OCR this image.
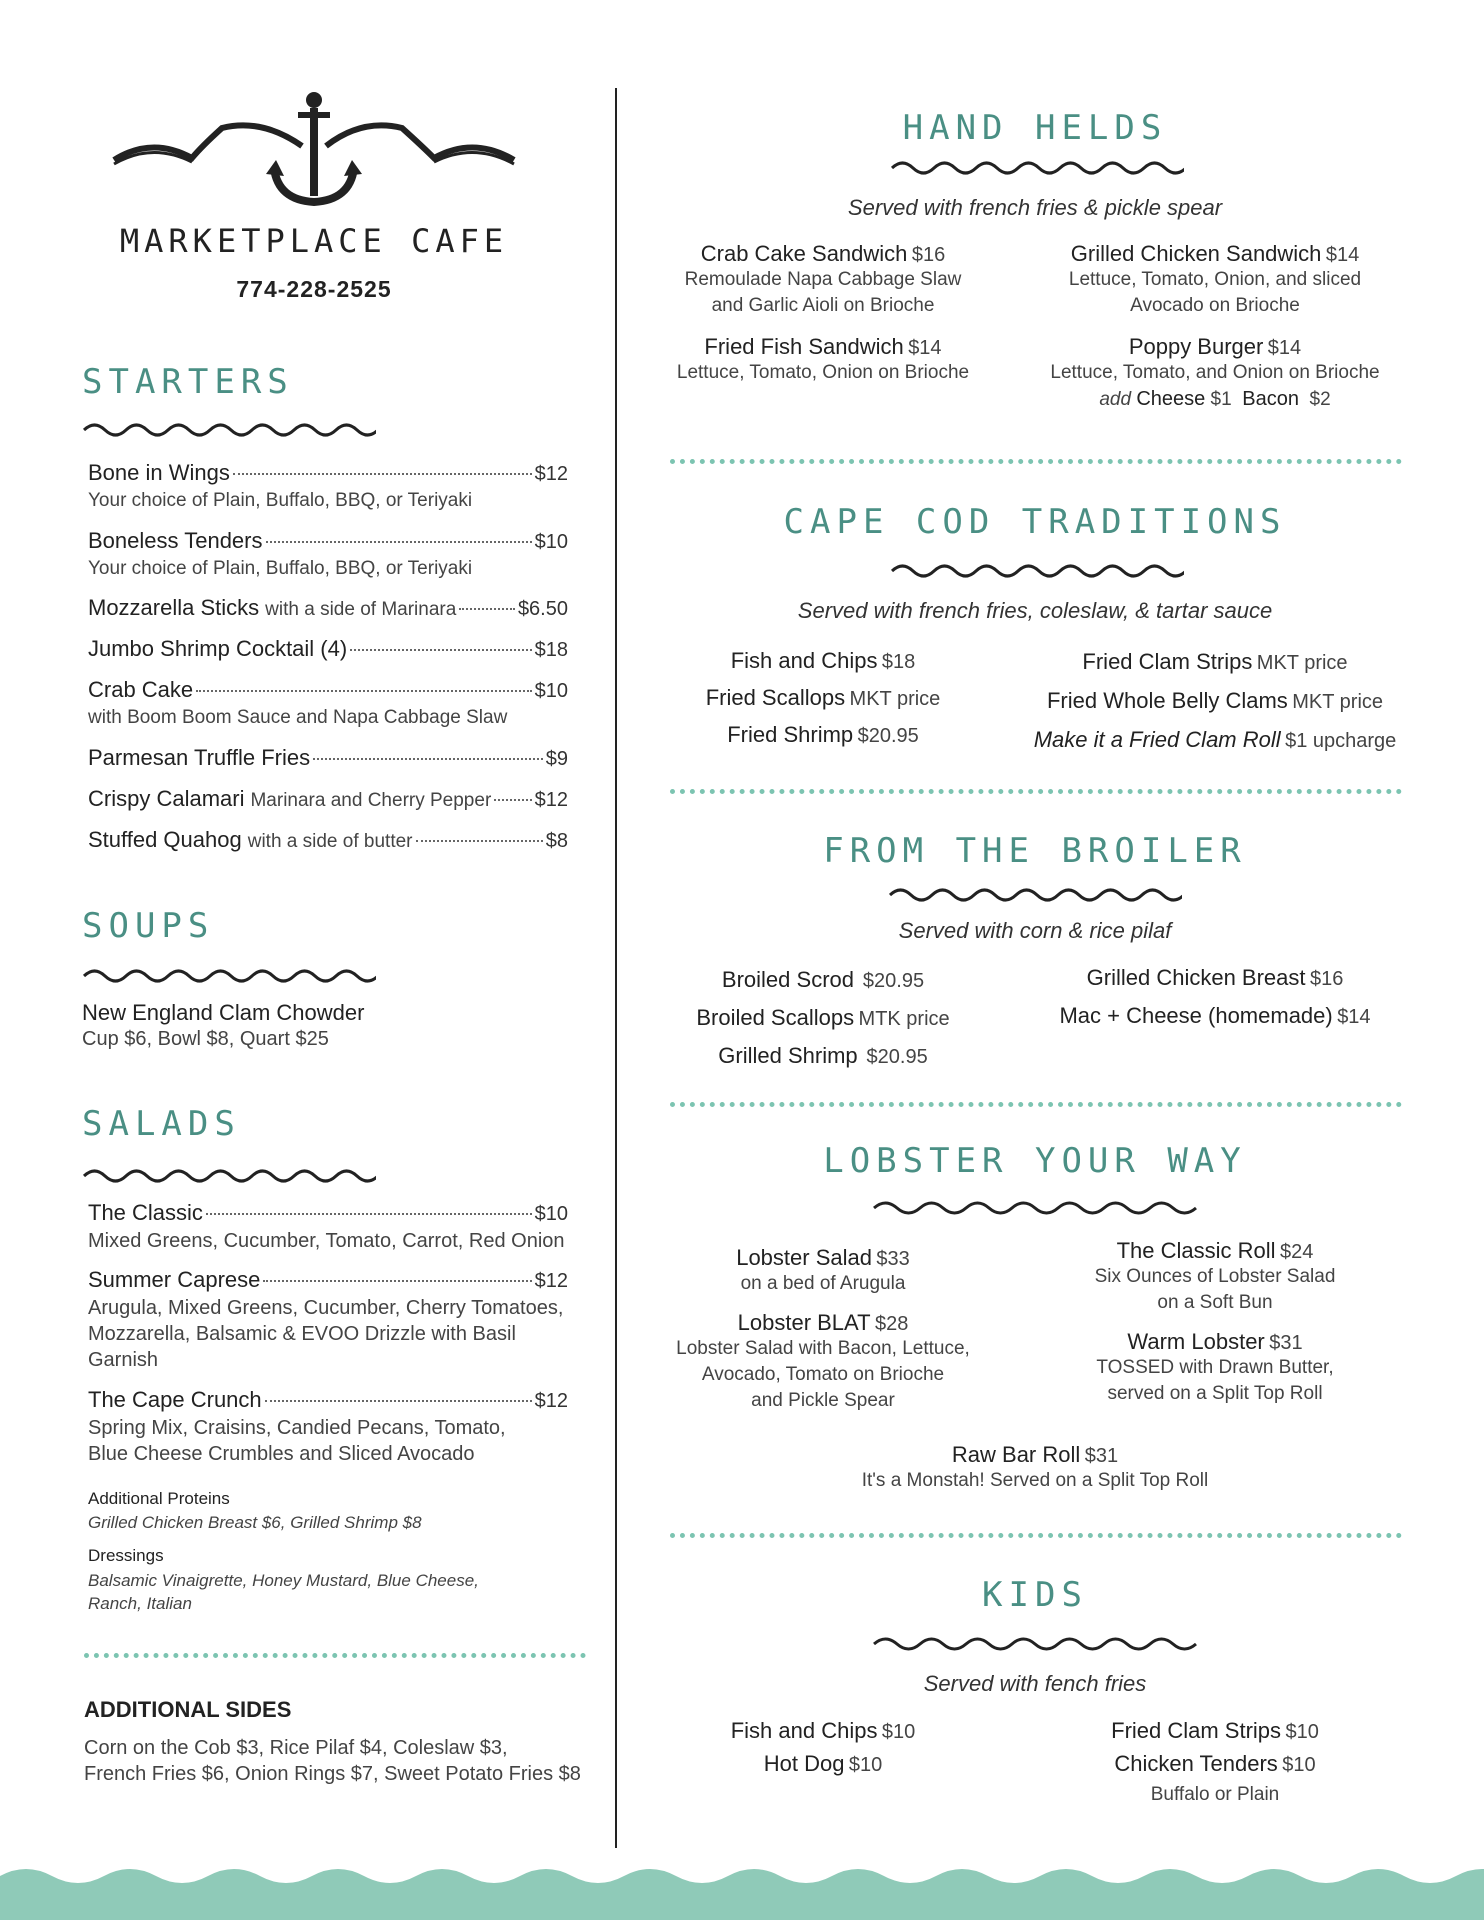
MARKETPLACE CAFE
774-228-2525
STARTERS
Bone in Wings	$12
Your choice of Plain, Buffalo, BBQ, or Teriyaki
Boneless Tenders	$10
Your choice of Plain, Buffalo, BBQ, or Teriyaki
Mozzarella Sticks with a side of Marinara	$6.50
Jumbo Shrimp Cocktail (4)	$18
Crab Cake	$10
with Boom Boom Sauce and Napa Cabbage Slaw
Parmesan Truffle Fries	$9
Crispy Calamari Marinara and Cherry Pepper $12
Stuffed Quahog with a side of butter	$8
SOUPS
New England Clam Chowder
Cup $6, Bowl $8, Quart $25
SALADS
The Classic	$10
Mixed Greens, Cucumber, Tomato, Carrot, Red Onion
Summer Caprese	$12
Arugula, Mixed Greens, Cucumber, Cherry Tomatoes,
Mozzarella, Balsamic & EVOO Drizzle with Basil
Garnish
The Cape Crunch	$12
Spring Mix, Craisins, Candied Pecans, Tomato,
Blue Cheese Crumbles and Sliced Avocado
Additional Proteins
Grilled Chicken Breast $6, Grilled Shrimp $8
Dressings
Balsamic Vinaigrette, Honey Mustard, Blue Cheese,
Ranch, Italian
ADDITIONAL SIDES
Corn on the Cob $3, Rice Pilaf $4, Coleslaw $3,
French Fries $6, Onion Rings $7, Sweet Potato Fries $8
HAND HELDS
Served with french fries & pickle spear
Crab Cake Sandwich $16
Remoulade Napa Cabbage Slaw
and Garlic Aioli on Brioche
Fried Fish Sandwich $14
Lettuce, Tomato, Onion on Brioche
Grilled Chicken Sandwich $14
Lettuce, Tomato, Onion, and sliced
Avocado on Brioche
Poppy Burger $14
Lettuce, Tomato, and Onion on Brioche
add Cheese $1 Bacon $2
CAPE COD TRADITIONS
Served with french fries, coleslaw, & tartar sauce
Fish and Chips $18
Fried Scallops MKT price
Fried Shrimp $20.95
Fried Clam Strips MKT price
Fried Whole Belly Clams MKT price
Make it a Fried Clam Roll $1 upcharge
FROM THE BROILER
Served with corn & rice pilaf
Broiled Scrod $20.95
Broiled Scallops MTK price
Grilled Shrimp $20.95
Grilled Chicken Breast $16
Mac + Cheese (homemade) $14
LOBSTER YOUR WAY
Lobster Salad $33
on a bed of Arugula
Lobster BLAT $28
Lobster Salad with Bacon, Lettuce,
Avocado, Tomato on Brioche
and Pickle Spear
The Classic Roll $24
Six Ounces of Lobster Salad
on a Soft Bun
Warm Lobster $31
TOSSED with Drawn Butter,
served on a Split Top Roll
Raw Bar Roll $31
It's a Monstah! Served on a Split Top Roll
KIDS
Served with fench fries
Fish and Chips $10
Hot Dog $10
Fried Clam Strips $10
Chicken Tenders $10
Buffalo or Plain
